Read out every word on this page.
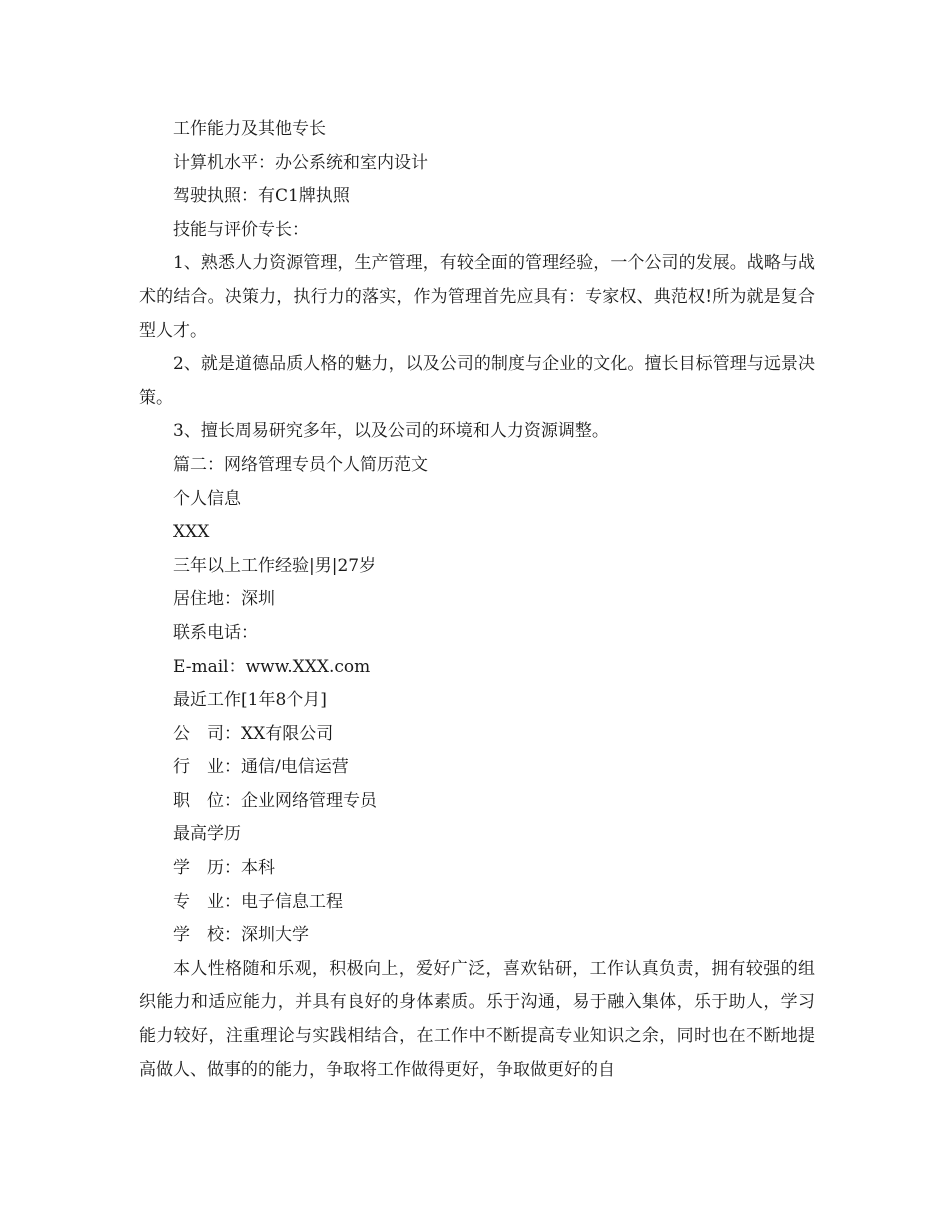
工作能力及其他专长

计算机水平：办公系统和室内设计

驾驶执照：有C1牌执照

技能与评价专长：

1、熟悉人力资源管理，生产管理，有较全面的管理经验，一个公司的发展。战略与战术的结合。决策力，执行力的落实，作为管理首先应具有：专家权、典范权!所为就是复合型人才。

2、就是道德品质人格的魅力，以及公司的制度与企业的文化。擅长目标管理与远景决策。

3、擅长周易研究多年，以及公司的环境和人力资源调整。

篇二：网络管理专员个人简历范文

个人信息

XXX

三年以上工作经验|男|27岁

居住地：深圳

联系电话：

E-mail：www.XXX.com

最近工作[1年8个月]

公　司：XX有限公司

行　业：通信/电信运营

职　位：企业网络管理专员

最高学历

学　历：本科

专　业：电子信息工程

学　校：深圳大学

本人性格随和乐观，积极向上，爱好广泛，喜欢钻研，工作认真负责，拥有较强的组织能力和适应能力，并具有良好的身体素质。乐于沟通，易于融入集体，乐于助人，学习能力较好，注重理论与实践相结合，在工作中不断提高专业知识之余，同时也在不断地提高做人、做事的的能力，争取将工作做得更好，争取做更好的自
